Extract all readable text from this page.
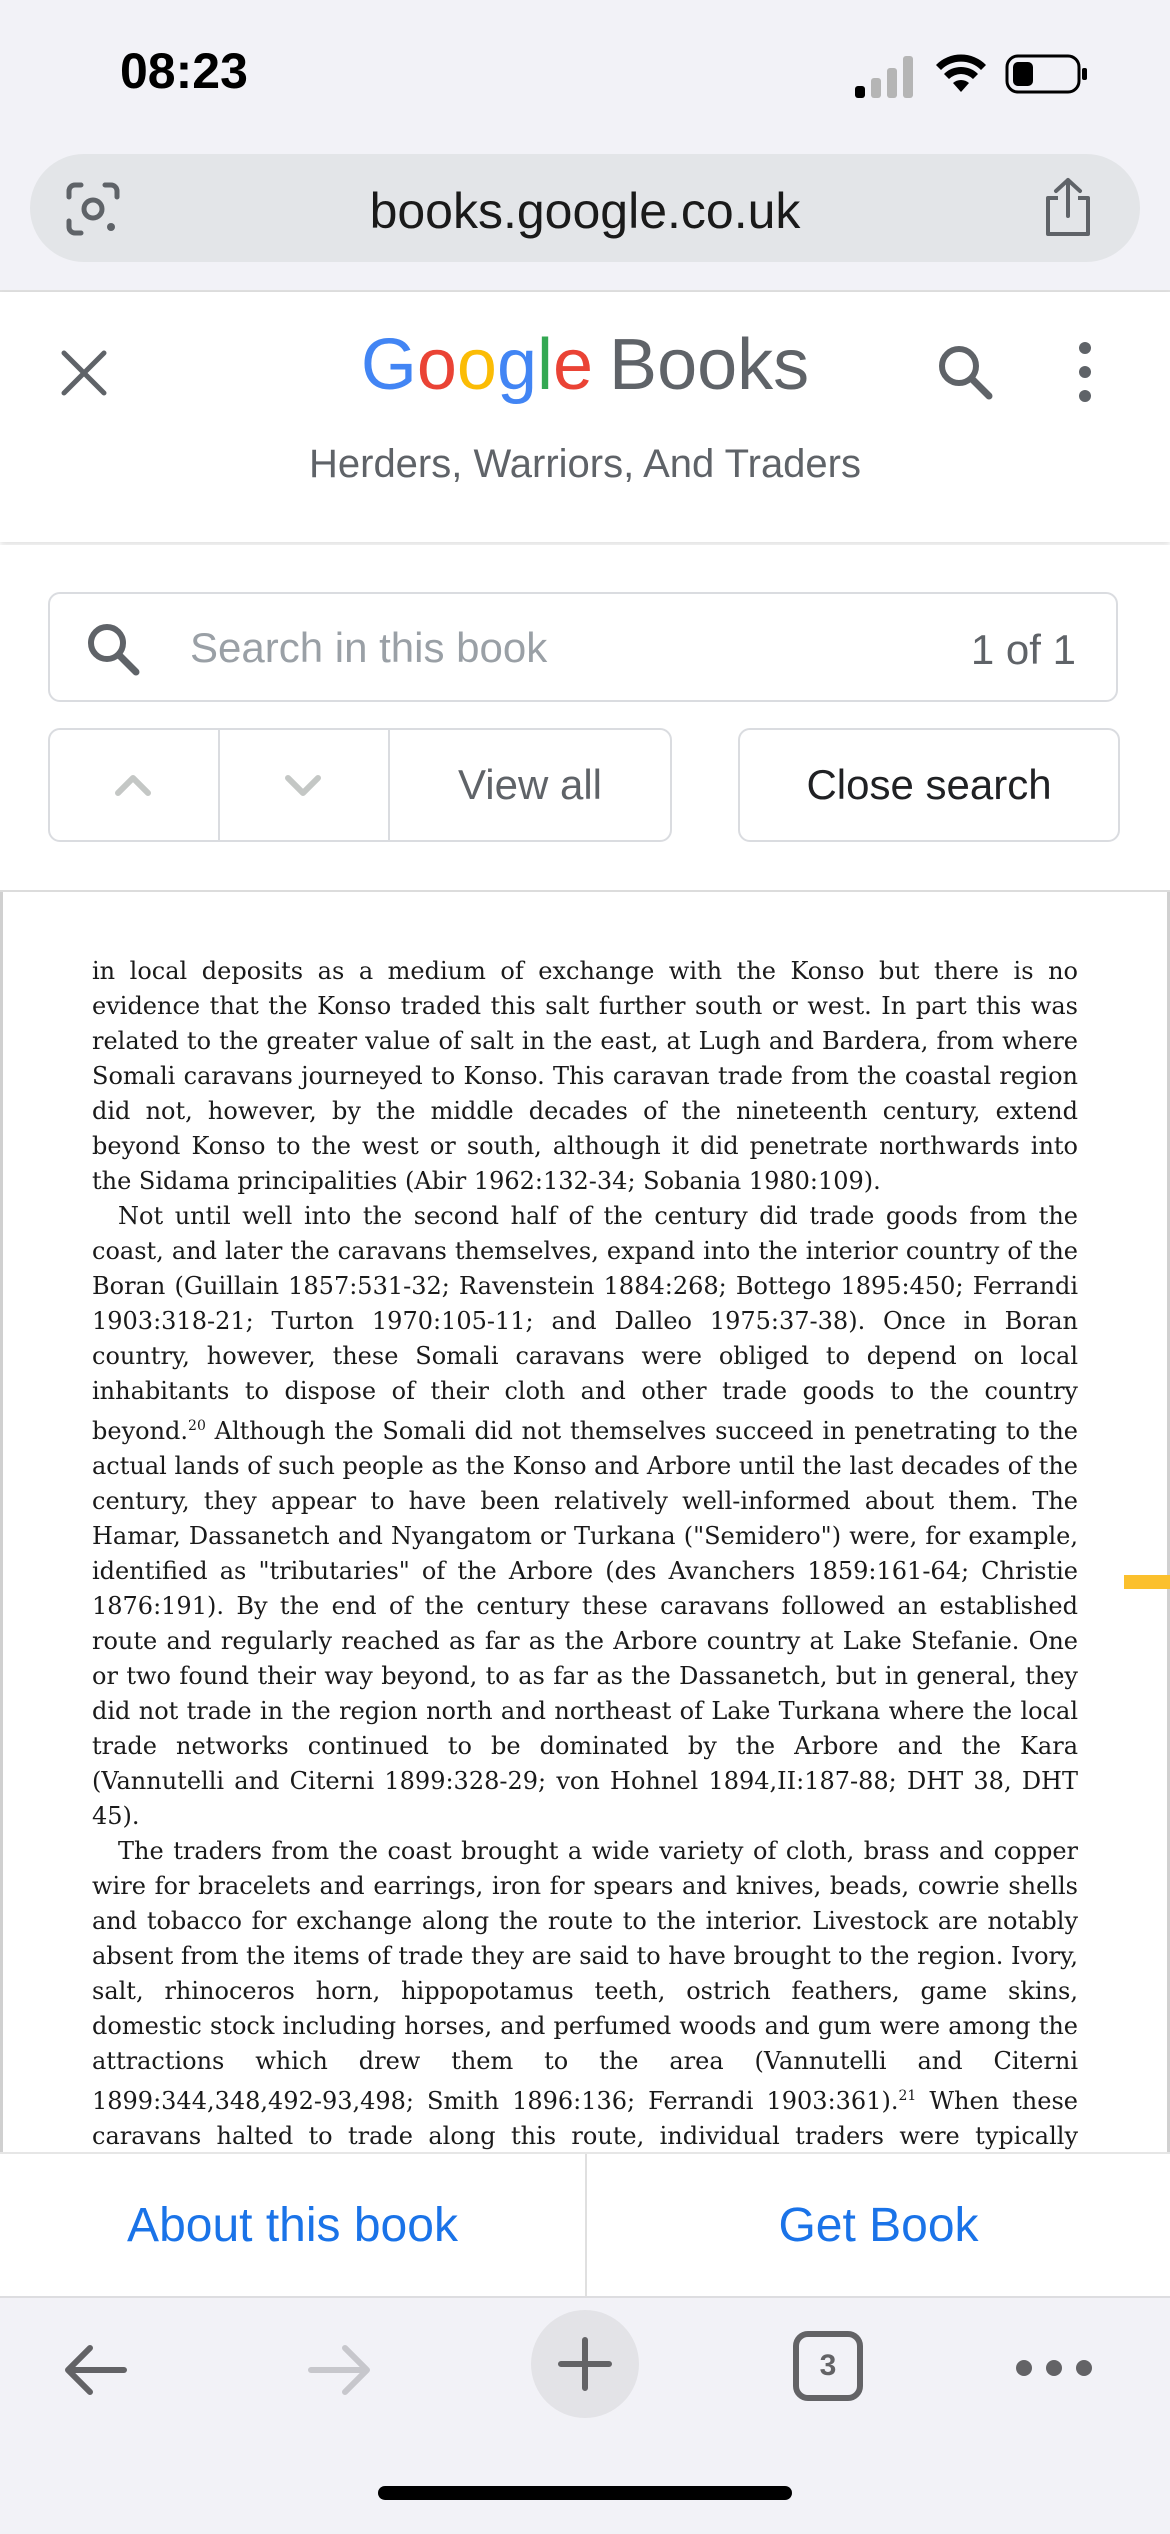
08:23
books.google.co.uk
Google Books
Herders, Warriors, And Traders
Search in this book
1 of 1
View all	Close search

in local deposits as a medium of exchange with the Konso but there is no evidence that the Konso traded this salt further south or west. In part this was related to the greater value of salt in the east, at Lugh and Bardera, from where Somali caravans journeyed to Konso. This caravan trade from the coastal region did not, however, by the middle decades of the nineteenth century, extend beyond Konso to the west or south, although it did penetrate northwards into the Sidama principalities (Abir 1962:132-34; Sobania 1980:109).

Not until well into the second half of the century did trade goods from the coast, and later the caravans themselves, expand into the interior country of the Boran (Guillain 1857:531-32; Ravenstein 1884:268; Bottego 1895:450; Ferrandi 1903:318-21; Turton 1970:105-11; and Dalleo 1975:37-38). Once in Boran country, however, these Somali caravans were obliged to depend on local inhabitants to dispose of their cloth and other trade goods to the country beyond.$^{20}$ Although the Somali did not themselves succeed in penetrating to the actual lands of such people as the Konso and Arbore until the last decades of the century, they appear to have been relatively well-informed about them. The Hamar, Dassanetch and Nyangatom or Turkana ("Semidero") were, for example, identified as "tributaries" of the Arbore (des Avanchers 1859:161-64; Christie 1876:191). By the end of the century these caravans followed an established route and regularly reached as far as the Arbore country at Lake Stefanie. One or two found their way beyond, to as far as the Dassanetch, but in general, they did not trade in the region north and northeast of Lake Turkana where the local trade networks continued to be dominated by the Arbore and the Kara (Vannutelli and Citerni 1899:328-29; von Hohnel 1894,II:187-88; DHT 38, DHT 45).

The traders from the coast brought a wide variety of cloth, brass and copper wire for bracelets and earrings, iron for spears and knives, beads, cowrie shells and tobacco for exchange along the route to the interior. Livestock are notably absent from the items of trade they are said to have brought to the region. Ivory, salt, rhinoceros horn, hippopotamus teeth, ostrich feathers, game skins, domestic stock including horses, and perfumed woods and gum were among the attractions which drew them to the area (Vannutelli and Citerni 1899:344,348,492-93,498; Smith 1896:136; Ferrandi 1903:361).$^{21}$ When these caravans halted to trade along this route, individual traders were typically

About this book	Get Book
3
